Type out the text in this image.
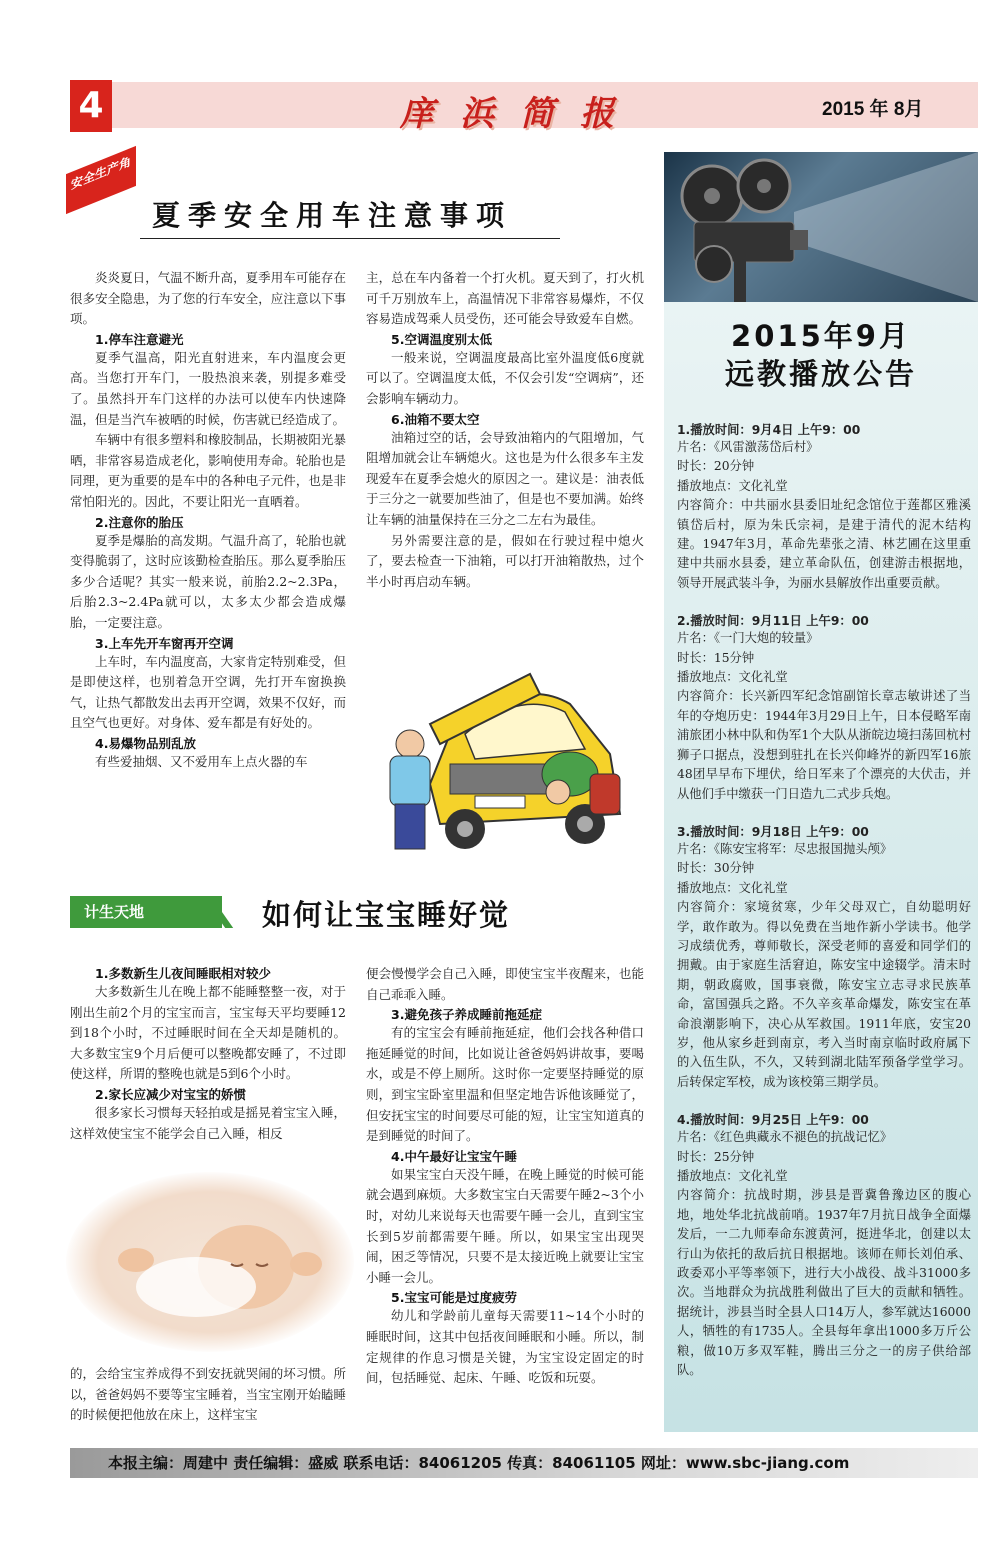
4	庠浜简报	2015 年 8月
安全生产角
夏季安全用车注意事项

炎炎夏日，气温不断升高，夏季用车可能存在很多安全隐患，为了您的行车安全，应注意以下事项。

1.停车注意避光

夏季气温高，阳光直射进来，车内温度会更高。当您打开车门，一股热浪来袭，别提多难受了。虽然抖开车门这样的办法可以使车内快速降温，但是当汽车被晒的时候，伤害就已经造成了。

车辆中有很多塑料和橡胶制品，长期被阳光暴晒，非常容易造成老化，影响使用寿命。轮胎也是同理，更为重要的是车中的各种电子元件，也是非常怕阳光的。因此，不要让阳光一直晒着。

2.注意你的胎压

夏季是爆胎的高发期。气温升高了，轮胎也就变得脆弱了，这时应该勤检查胎压。那么夏季胎压多少合适呢？其实一般来说，前胎2.2~2.3Pa，后胎2.3~2.4Pa就可以，太多太少都会造成爆胎，一定要注意。

3.上车先开车窗再开空调

上车时，车内温度高，大家肯定特别难受，但是即使这样，也别着急开空调，先打开车窗换换气，让热气都散发出去再开空调，效果不仅好，而且空气也更好。对身体、爱车都是有好处的。

4.易爆物品别乱放

有些爱抽烟、又不爱用车上点火器的车

主，总在车内备着一个打火机。夏天到了，打火机可千万别放车上，高温情况下非常容易爆炸，不仅容易造成驾乘人员受伤，还可能会导致爱车自燃。

5.空调温度别太低

一般来说，空调温度最高比室外温度低6度就可以了。空调温度太低，不仅会引发“空调病”，还会影响车辆动力。

6.油箱不要太空

油箱过空的话，会导致油箱内的气阻增加，气阻增加就会让车辆熄火。这也是为什么很多车主发现爱车在夏季会熄火的原因之一。建议是：油表低于三分之一就要加些油了，但是也不要加满。始终让车辆的油量保持在三分之二左右为最佳。

另外需要注意的是，假如在行驶过程中熄火了，要去检查一下油箱，可以打开油箱散热，过个半小时再启动车辆。

计生天地	如何让宝宝睡好觉

1.多数新生儿夜间睡眠相对较少

大多数新生儿在晚上都不能睡整整一夜，对于刚出生前2个月的宝宝而言，宝宝每天平均要睡12到18个小时，不过睡眠时间在全天却是随机的。大多数宝宝9个月后便可以整晚都安睡了，不过即使这样，所谓的整晚也就是5到6个小时。

2.家长应减少对宝宝的娇惯

很多家长习惯每天轻拍或是摇晃着宝宝入睡，这样效使宝宝不能学会自己入睡，相反

的，会给宝宝养成得不到安抚就哭闹的坏习惯。所以，爸爸妈妈不要等宝宝睡着，当宝宝刚开始瞌睡的时候便把他放在床上，这样宝宝

便会慢慢学会自己入睡，即使宝宝半夜醒来，也能自己乖乖入睡。

3.避免孩子养成睡前拖延症

有的宝宝会有睡前拖延症，他们会找各种借口拖延睡觉的时间，比如说让爸爸妈妈讲故事，要喝水，或是不停上厕所。这时你一定要坚持睡觉的原则，到宝宝卧室里温和但坚定地告诉他该睡觉了，但安抚宝宝的时间要尽可能的短，让宝宝知道真的是到睡觉的时间了。

4.中午最好让宝宝午睡

如果宝宝白天没午睡，在晚上睡觉的时候可能就会遇到麻烦。大多数宝宝白天需要午睡2~3个小时，对幼儿来说每天也需要午睡一会儿，直到宝宝长到5岁前都需要午睡。所以，如果宝宝出现哭闹，困乏等情况，只要不是太接近晚上就要让宝宝小睡一会儿。

5.宝宝可能是过度疲劳

幼儿和学龄前儿童每天需要11~14个小时的睡眠时间，这其中包括夜间睡眠和小睡。所以，制定规律的作息习惯是关键，为宝宝设定固定的时间，包括睡觉、起床、午睡、吃饭和玩耍。

2015年9月
远教播放公告
1.播放时间：9月4日 上午9：00
片名：《风雷激荡岱后村》
时长：20分钟
播放地点：文化礼堂
内容简介：中共丽水县委旧址纪念馆位于莲都区雅溪镇岱后村，原为朱氏宗祠，是建于清代的泥木结构建。1947年3月，革命先辈张之清、林艺圃在这里重建中共丽水县委，建立革命队伍，创建游击根据地，领导开展武装斗争，为丽水县解放作出重要贡献。
2.播放时间：9月11日 上午9：00
片名：《一门大炮的较量》
时长：15分钟
播放地点：文化礼堂
内容简介：长兴新四军纪念馆副馆长章志敏讲述了当年的夺炮历史：1944年3月29日上午，日本侵略军南浦旅团小林中队和伪军1个大队从浙皖边境扫荡回杭村狮子口据点，没想到驻扎在长兴仰峰岕的新四军16旅48团早早布下埋伏，给日军来了个漂亮的大伏击，并从他们手中缴获一门日造九二式步兵炮。
3.播放时间：9月18日 上午9：00
片名：《陈安宝将军：尽忠报国抛头颅》
时长：30分钟
播放地点：文化礼堂
内容简介：家境贫寒，少年父母双亡，自幼聪明好学，敢作敢为。得以免费在当地作新小学读书。他学习成绩优秀，尊师敬长，深受老师的喜爱和同学们的拥戴。由于家庭生活窘迫，陈安宝中途辍学。清末时期，朝政腐败，国事衰微，陈安宝立志寻求民族革命，富国强兵之路。不久辛亥革命爆发，陈安宝在革命浪潮影响下，决心从军救国。1911年底，安宝20岁，他从家乡赶到南京，考入当时南京临时政府属下的入伍生队，不久，又转到湖北陆军预备学堂学习。后转保定军校，成为该校第三期学员。
4.播放时间：9月25日 上午9：00
片名：《红色典藏永不褪色的抗战记忆》
时长：25分钟
播放地点：文化礼堂
内容简介：抗战时期，涉县是晋冀鲁豫边区的腹心地，地处华北抗战前哨。1937年7月抗日战争全面爆发后，一二九师奉命东渡黄河，挺进华北，创建以太行山为依托的敌后抗日根据地。该师在师长刘伯承、政委邓小平等率领下，进行大小战役、战斗31000多次。当地群众为抗战胜利做出了巨大的贡献和牺牲。据统计，涉县当时全县人口14万人，参军就达16000人，牺牲的有1735人。全县每年拿出1000多万斤公粮，做10万多双军鞋，腾出三分之一的房子供给部队。
本报主编：周建中 责任编辑：盛威 联系电话：84061205 传真：84061105 网址：www.sbc-jiang.com
